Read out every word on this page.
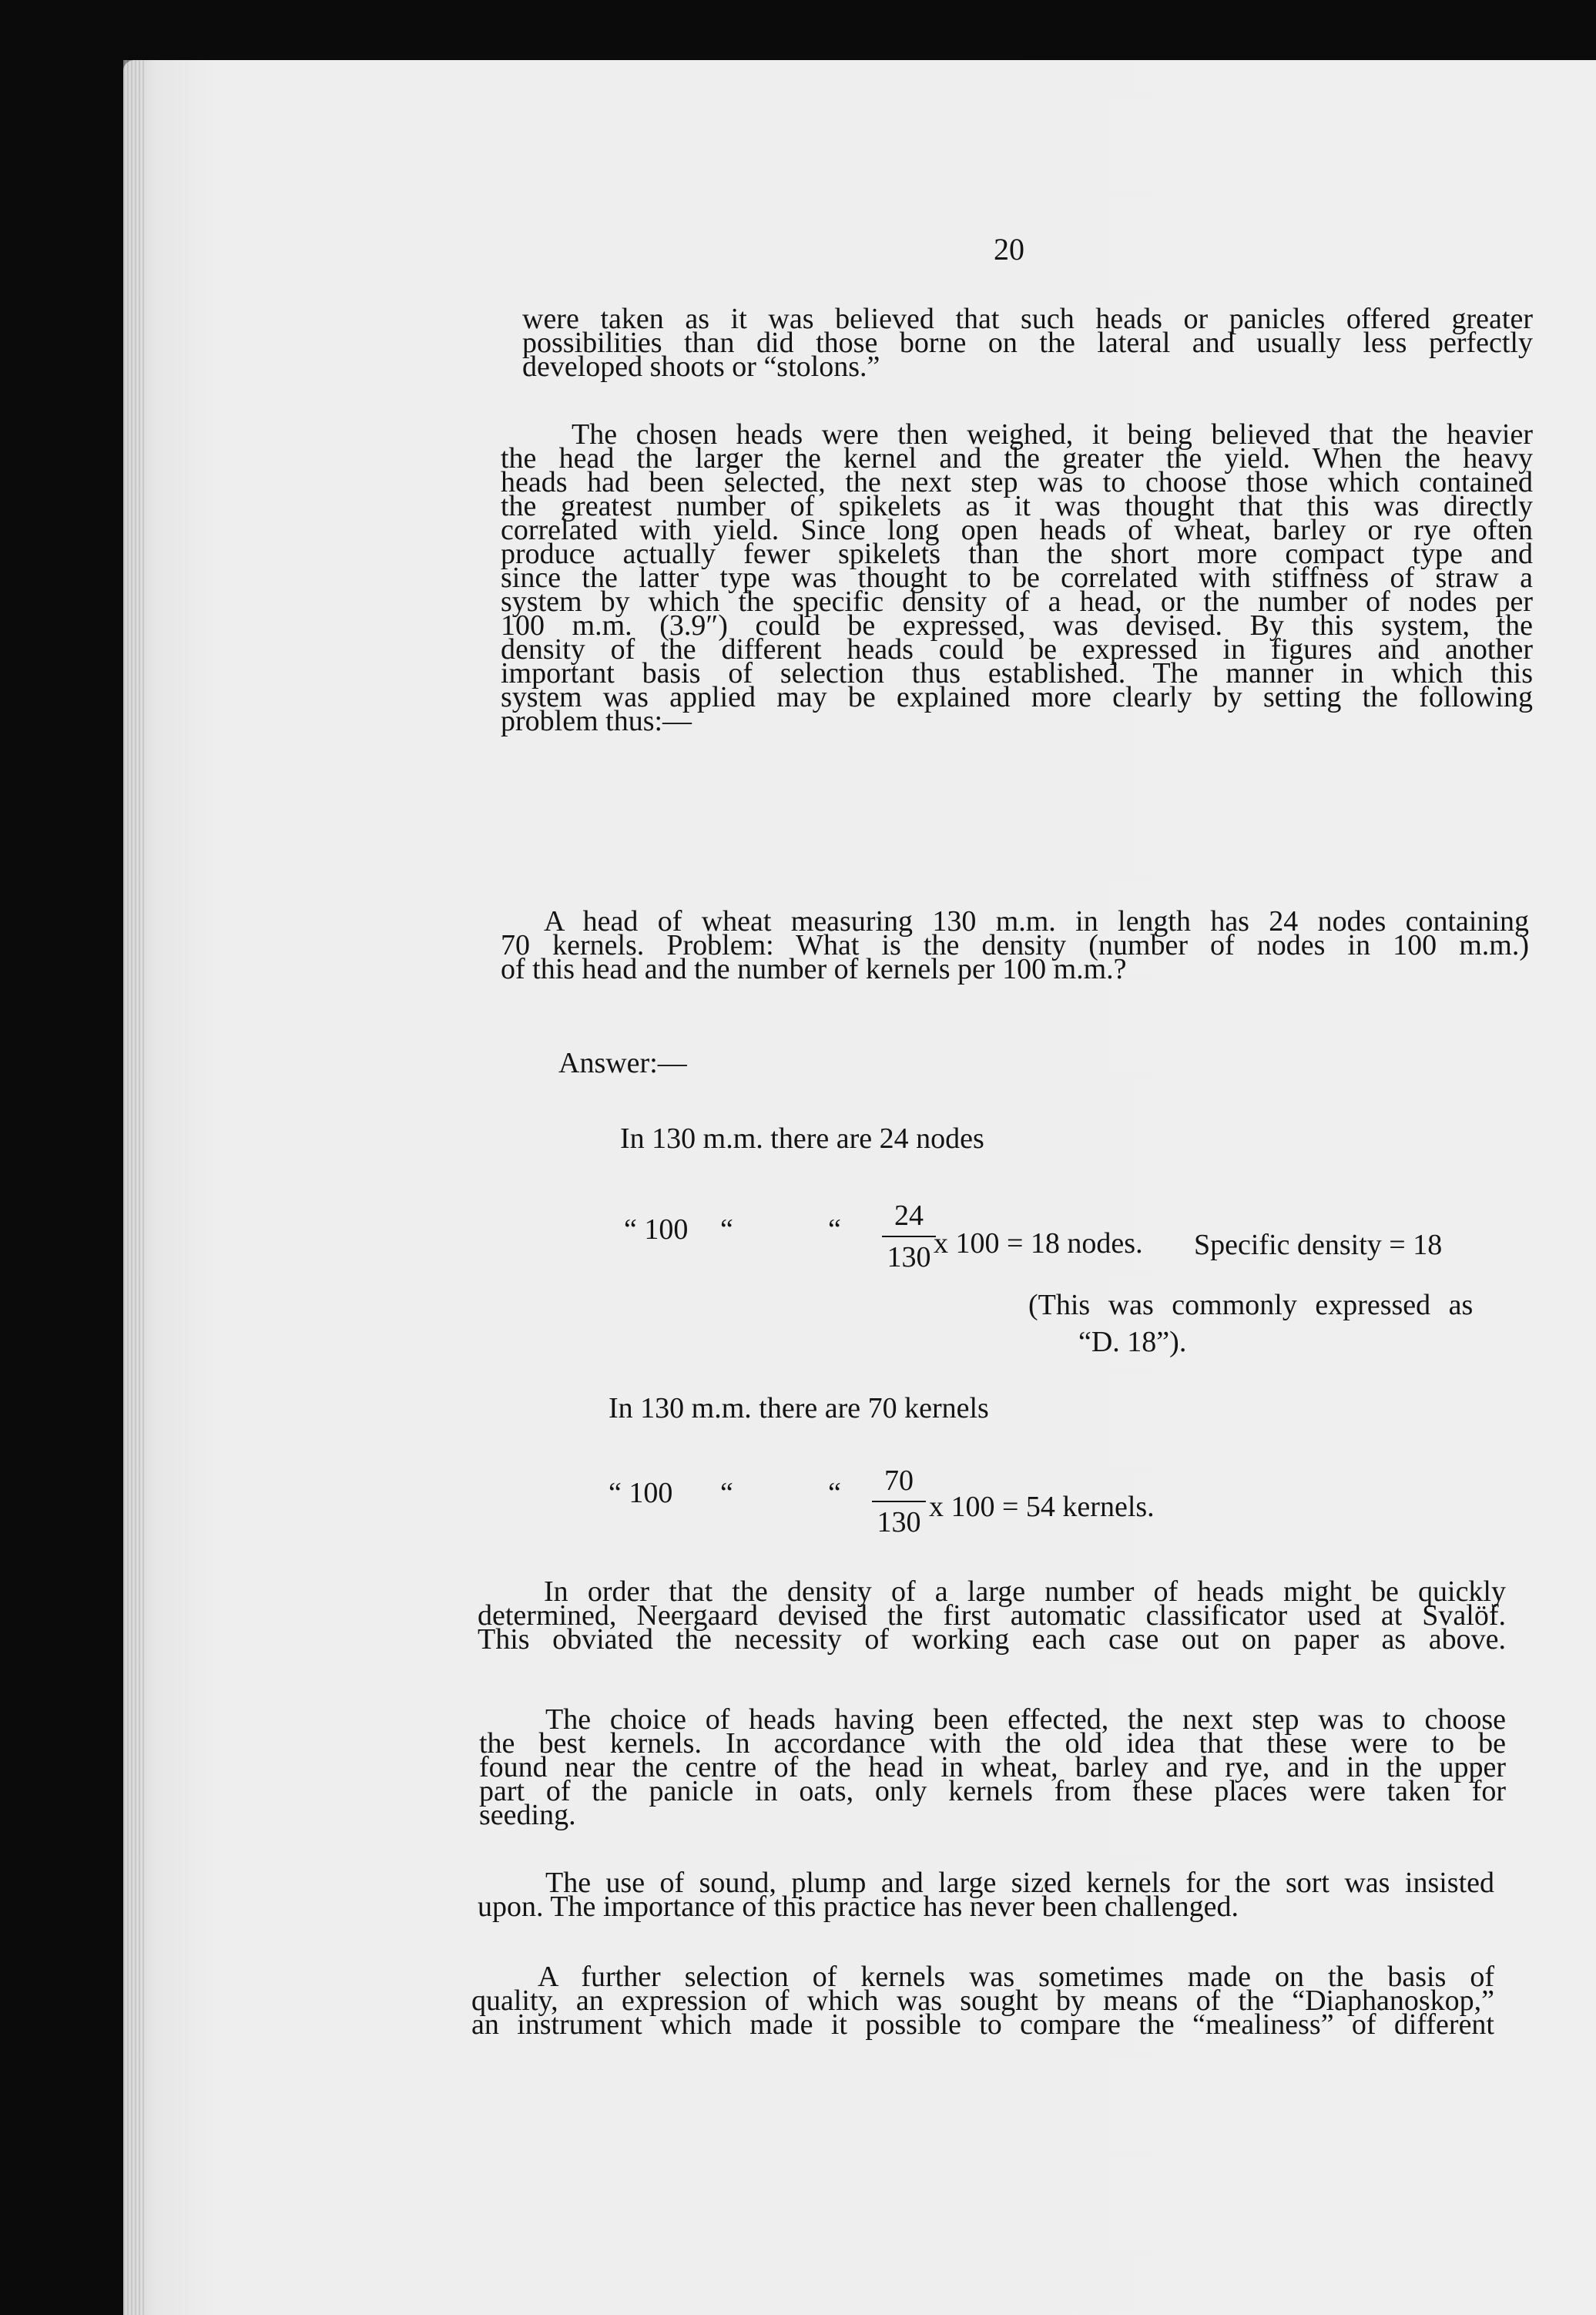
20
were taken as it was believed that such heads or panicles offered greater
possibilities than did those borne on the lateral and usually less perfectly
developed shoots or “stolons.”
The chosen heads were then weighed, it being believed that the heavier
the head the larger the kernel and the greater the yield. When the heavy
heads had been selected, the next step was to choose those which contained
the greatest number of spikelets as it was thought that this was directly
correlated with yield. Since long open heads of wheat, barley or rye often
produce actually fewer spikelets than the short more compact type and
since the latter type was thought to be correlated with stiffness of straw a
system by which the specific density of a head, or the number of nodes per
100 m.m. (3.9″) could be expressed, was devised. By this system, the
density of the different heads could be expressed in figures and another
important basis of selection thus established. The manner in which this
system was applied may be explained more clearly by setting the following
problem thus:—
A head of wheat measuring 130 m.m. in length has 24 nodes containing
70 kernels. Problem: What is the density (number of nodes in 100 m.m.)
of this head and the number of kernels per 100 m.m.?
Answer:—
In 130 m.m. there are 24 nodes
“ 100 “	“	24
130 x 100 = 18 nodes. Specific density = 18
(This was commonly expressed as
“D. 18”).
In 130 m.m. there are 70 kernels
“ 100 “	“	70
130 x 100 = 54 kernels.
In order that the density of a large number of heads might be quickly
determined, Neergaard devised the first automatic classificator used at Svalöf.
This obviated the necessity of working each case out on paper as above.
The choice of heads having been effected, the next step was to choose
the best kernels. In accordance with the old idea that these were to be
found near the centre of the head in wheat, barley and rye, and in the upper
part of the panicle in oats, only kernels from these places were taken for
seeding.
The use of sound, plump and large sized kernels for the sort was insisted
upon. The importance of this practice has never been challenged.
A further selection of kernels was sometimes made on the basis of
quality, an expression of which was sought by means of the “Diaphanoskop,”
an instrument which made it possible to compare the “mealiness” of different
